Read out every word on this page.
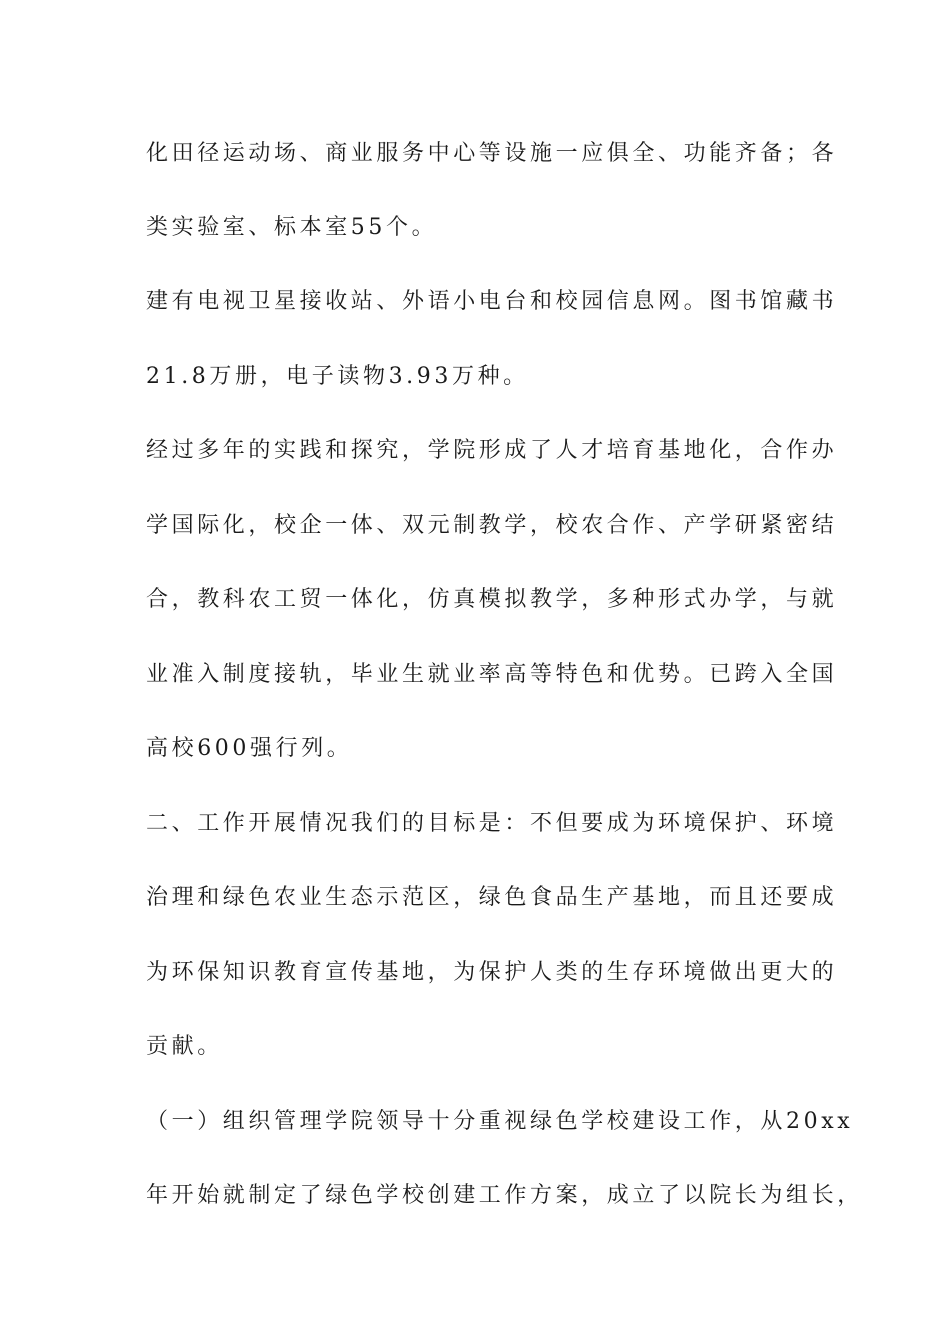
化田径运动场、商业服务中心等设施一应俱全、功能齐备；各
类实验室、标本室55个。
建有电视卫星接收站、外语小电台和校园信息网。图书馆藏书
21.8万册，电子读物3.93万种。
经过多年的实践和探究，学院形成了人才培育基地化，合作办
学国际化，校企一体、双元制教学，校农合作、产学研紧密结
合，教科农工贸一体化，仿真模拟教学，多种形式办学，与就
业准入制度接轨，毕业生就业率高等特色和优势。已跨入全国
高校600强行列。
二、工作开展情况我们的目标是：不但要成为环境保护、环境
治理和绿色农业生态示范区，绿色食品生产基地，而且还要成
为环保知识教育宣传基地，为保护人类的生存环境做出更大的
贡献。
（一）组织管理学院领导十分重视绿色学校建设工作，从20xx
年开始就制定了绿色学校创建工作方案，成立了以院长为组长，
